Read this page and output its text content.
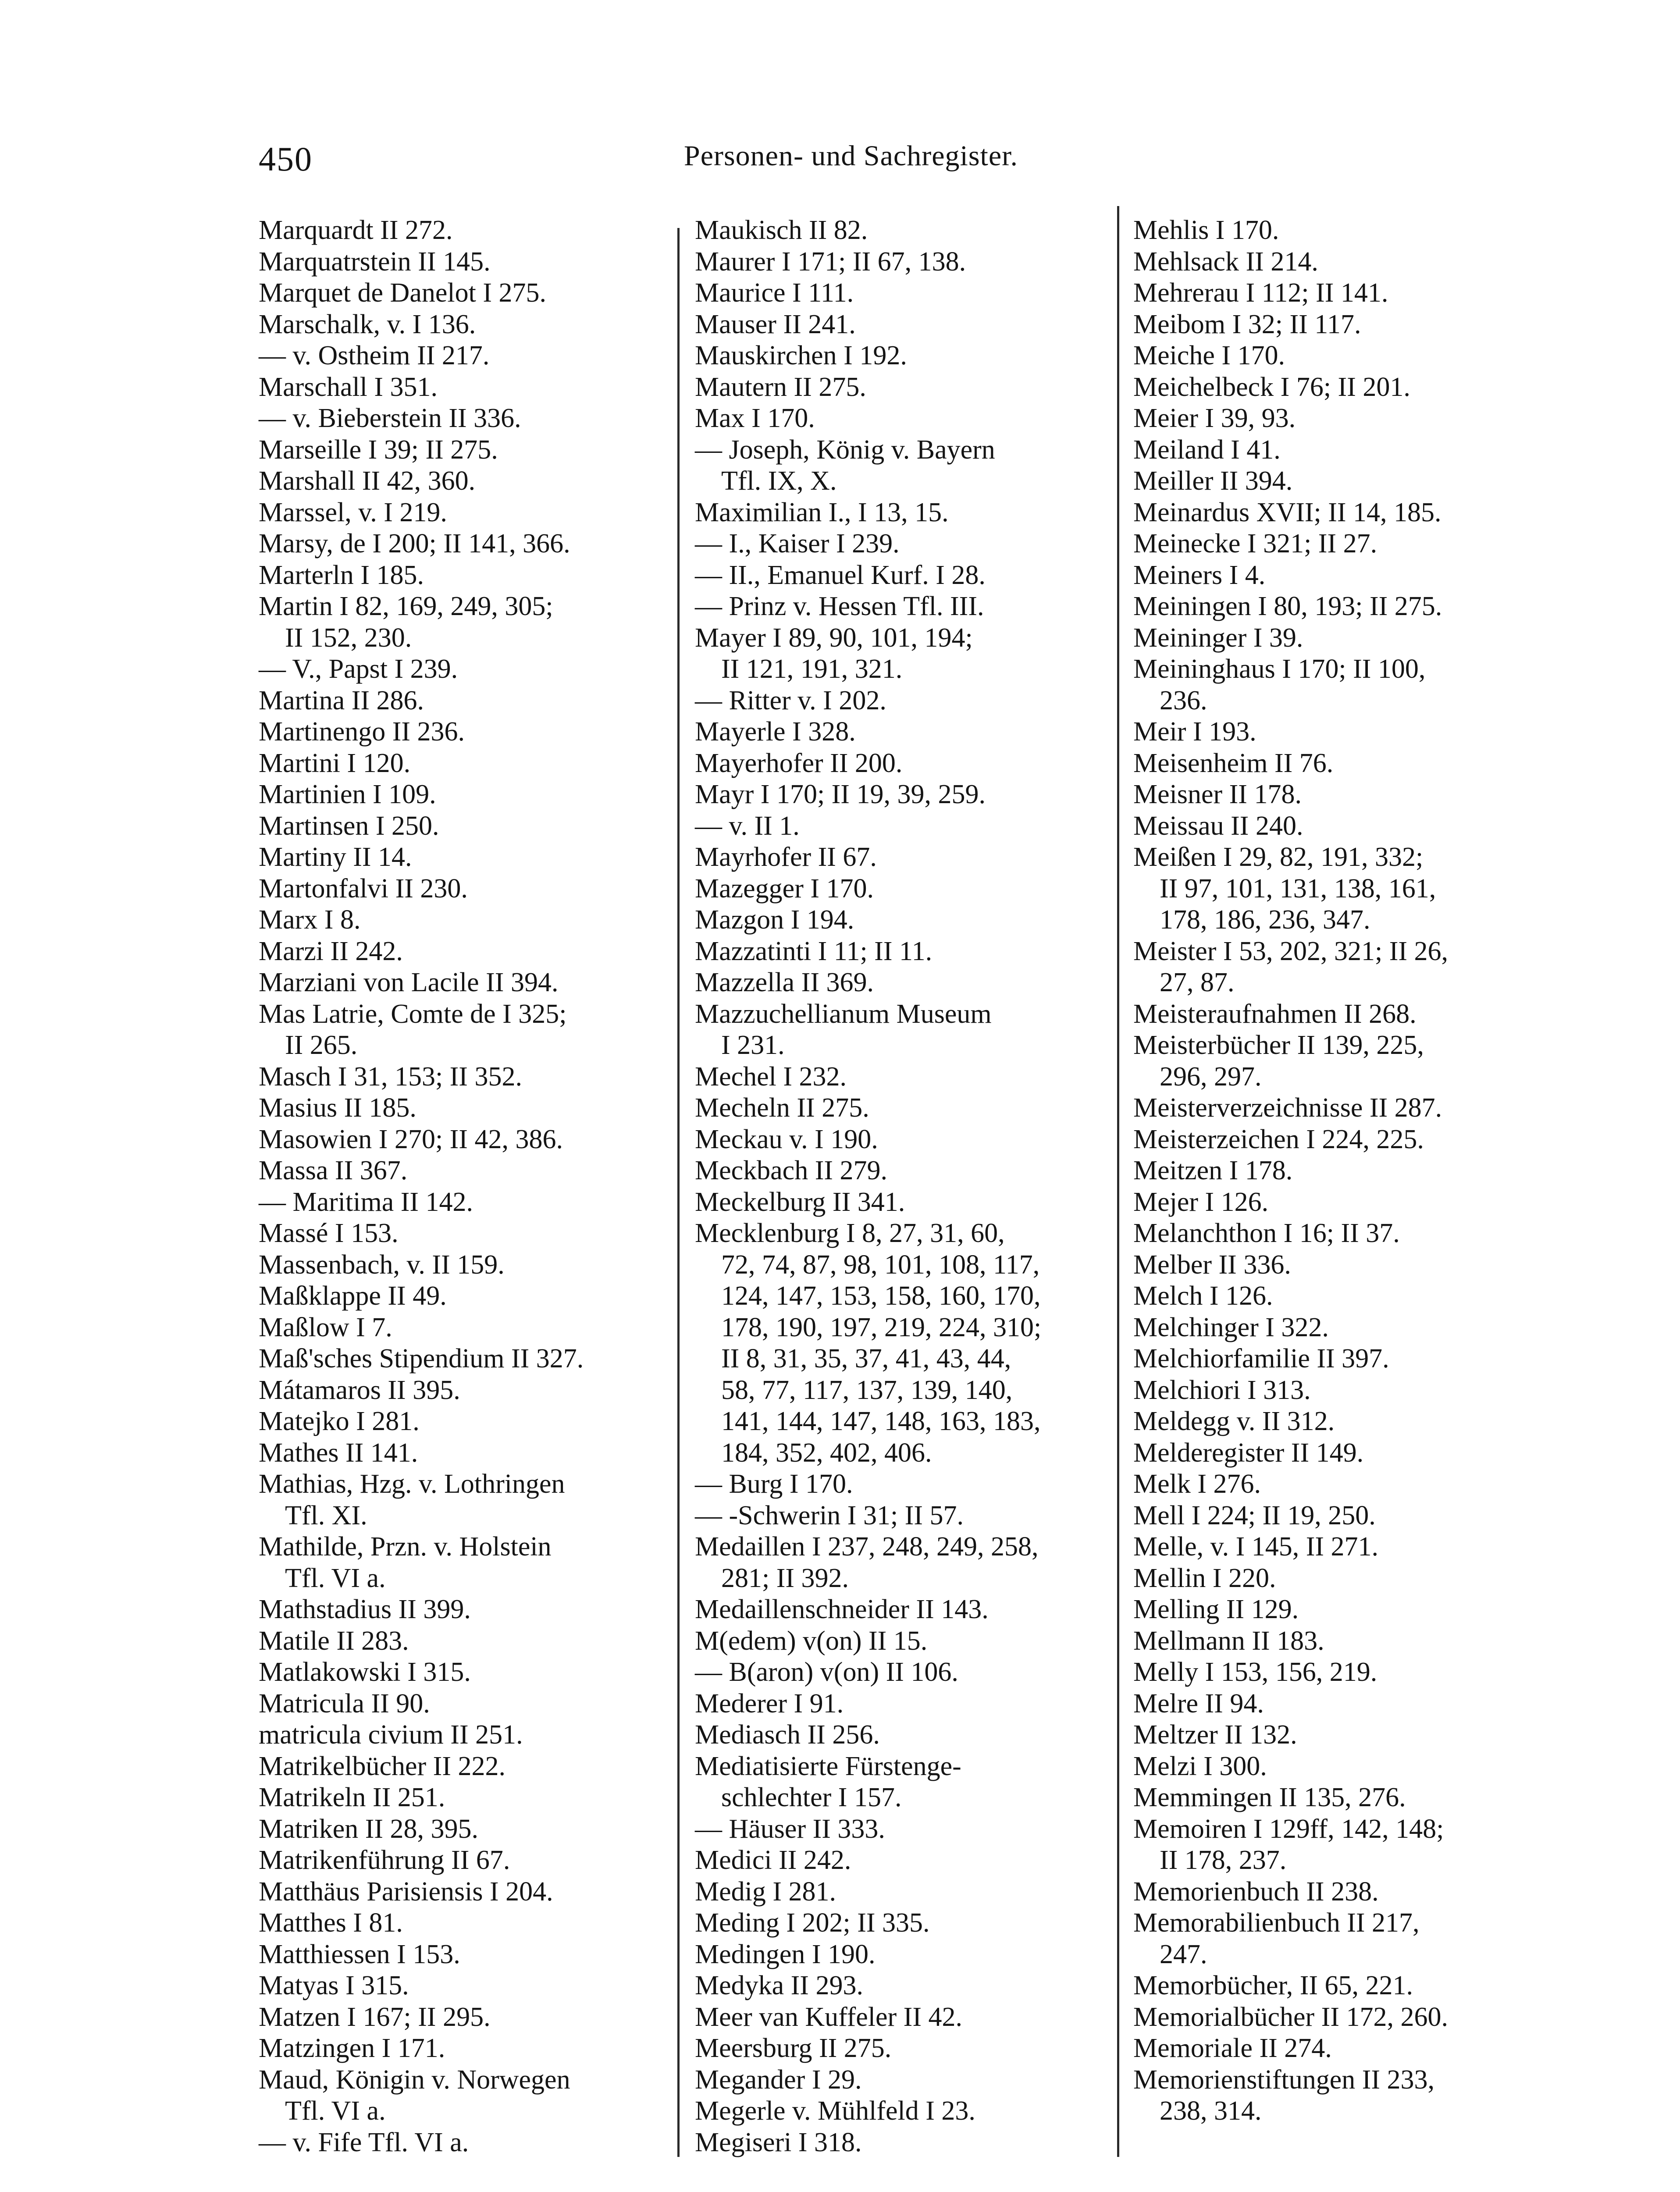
450	Personen- und Sachregister.
Marquardt II 272.
Marquatrstein II 145.
Marquet de Danelot I 275.
Marschalk, v. I 136.
— v. Ostheim II 217.
Marschall I 351.
— v. Bieberstein II 336.
Marseille I 39; II 275.
Marshall II 42, 360.
Marssel, v. I 219.
Marsy, de I 200; II 141, 366.
Marterln I 185.
Martin I 82, 169, 249, 305;
II 152, 230.
— V., Papst I 239.
Martina II 286.
Martinengo II 236.
Martini I 120.
Martinien I 109.
Martinsen I 250.
Martiny II 14.
Martonfalvi II 230.
Marx I 8.
Marzi II 242.
Marziani von Lacile II 394.
Mas Latrie, Comte de I 325;
II 265.
Masch I 31, 153; II 352.
Masius II 185.
Masowien I 270; II 42, 386.
Massa II 367.
— Maritima II 142.
Massé I 153.
Massenbach, v. II 159.
Maßklappe II 49.
Maßlow I 7.
Maß'sches Stipendium II 327.
Mátamaros II 395.
Matejko I 281.
Mathes II 141.
Mathias, Hzg. v. Lothringen
Tfl. XI.
Mathilde, Przn. v. Holstein
Tfl. VI a.
Mathstadius II 399.
Matile II 283.
Matlakowski I 315.
Matricula II 90.
matricula civium II 251.
Matrikelbücher II 222.
Matrikeln II 251.
Matriken II 28, 395.
Matrikenführung II 67.
Matthäus Parisiensis I 204.
Matthes I 81.
Matthiessen I 153.
Matyas I 315.
Matzen I 167; II 295.
Matzingen I 171.
Maud, Königin v. Norwegen
Tfl. VI a.
— v. Fife Tfl. VI a.
Maukisch II 82.
Maurer I 171; II 67, 138.
Maurice I 111.
Mauser II 241.
Mauskirchen I 192.
Mautern II 275.
Max I 170.
— Joseph, König v. Bayern
Tfl. IX, X.
Maximilian I., I 13, 15.
— I., Kaiser I 239.
— II., Emanuel Kurf. I 28.
— Prinz v. Hessen Tfl. III.
Mayer I 89, 90, 101, 194;
II 121, 191, 321.
— Ritter v. I 202.
Mayerle I 328.
Mayerhofer II 200.
Mayr I 170; II 19, 39, 259.
— v. II 1.
Mayrhofer II 67.
Mazegger I 170.
Mazgon I 194.
Mazzatinti I 11; II 11.
Mazzella II 369.
Mazzuchellianum Museum
I 231.
Mechel I 232.
Mecheln II 275.
Meckau v. I 190.
Meckbach II 279.
Meckelburg II 341.
Mecklenburg I 8, 27, 31, 60,
72, 74, 87, 98, 101, 108, 117,
124, 147, 153, 158, 160, 170,
178, 190, 197, 219, 224, 310;
II 8, 31, 35, 37, 41, 43, 44,
58, 77, 117, 137, 139, 140,
141, 144, 147, 148, 163, 183,
184, 352, 402, 406.
— Burg I 170.
— -Schwerin I 31; II 57.
Medaillen I 237, 248, 249, 258,
281; II 392.
Medaillenschneider II 143.
M(edem) v(on) II 15.
— B(aron) v(on) II 106.
Mederer I 91.
Mediasch II 256.
Mediatisierte Fürstenge-
schlechter I 157.
— Häuser II 333.
Medici II 242.
Medig I 281.
Meding I 202; II 335.
Medingen I 190.
Medyka II 293.
Meer van Kuffeler II 42.
Meersburg II 275.
Megander I 29.
Megerle v. Mühlfeld I 23.
Megiseri I 318.
Mehlis I 170.
Mehlsack II 214.
Mehrerau I 112; II 141.
Meibom I 32; II 117.
Meiche I 170.
Meichelbeck I 76; II 201.
Meier I 39, 93.
Meiland I 41.
Meiller II 394.
Meinardus XVII; II 14, 185.
Meinecke I 321; II 27.
Meiners I 4.
Meiningen I 80, 193; II 275.
Meininger I 39.
Meininghaus I 170; II 100,
236.
Meir I 193.
Meisenheim II 76.
Meisner II 178.
Meissau II 240.
Meißen I 29, 82, 191, 332;
II 97, 101, 131, 138, 161,
178, 186, 236, 347.
Meister I 53, 202, 321; II 26,
27, 87.
Meisteraufnahmen II 268.
Meisterbücher II 139, 225,
296, 297.
Meisterverzeichnisse II 287.
Meisterzeichen I 224, 225.
Meitzen I 178.
Mejer I 126.
Melanchthon I 16; II 37.
Melber II 336.
Melch I 126.
Melchinger I 322.
Melchiorfamilie II 397.
Melchiori I 313.
Meldegg v. II 312.
Melderegister II 149.
Melk I 276.
Mell I 224; II 19, 250.
Melle, v. I 145, II 271.
Mellin I 220.
Melling II 129.
Mellmann II 183.
Melly I 153, 156, 219.
Melre II 94.
Meltzer II 132.
Melzi I 300.
Memmingen II 135, 276.
Memoiren I 129ff, 142, 148;
II 178, 237.
Memorienbuch II 238.
Memorabilienbuch II 217,
247.
Memorbücher, II 65, 221.
Memorialbücher II 172, 260.
Memoriale II 274.
Memorienstiftungen II 233,
238, 314.
